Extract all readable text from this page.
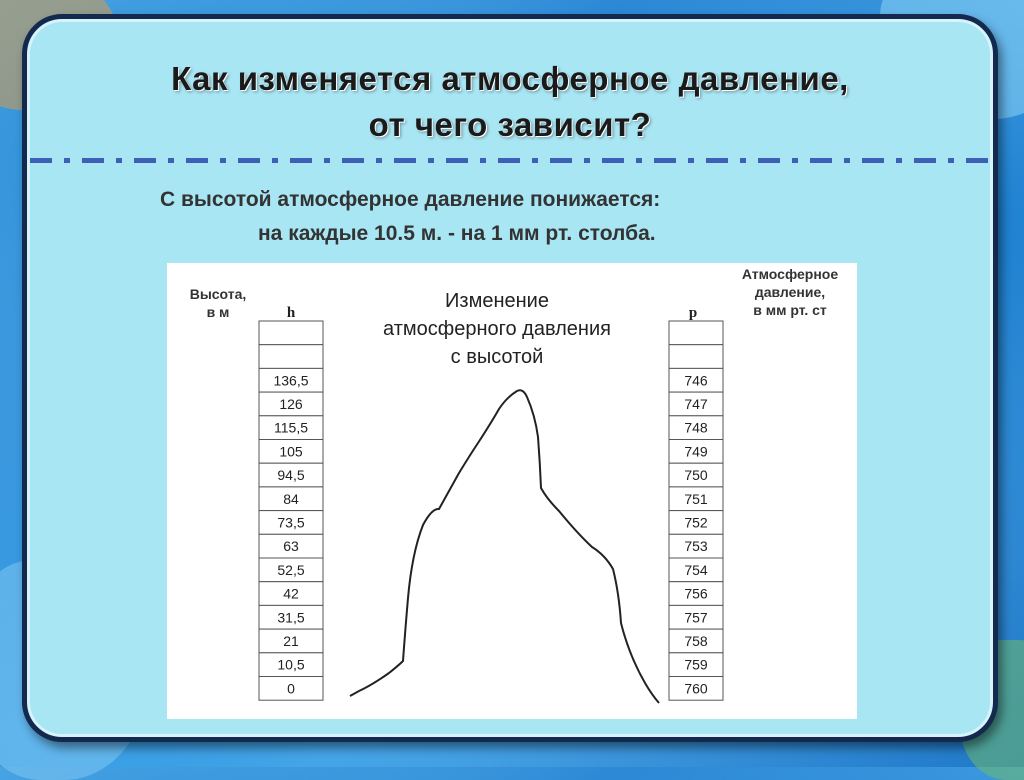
Как изменяется атмосферное давление,
от чего зависит?
С высотой атмосферное давление понижается:
на каждые 10.5 м. - на 1 мм рт. столба.
Высота,
в м
Атмосферное
давление,
в мм рт. ст
Изменение
атмосферного давления
с высотой
h	p
136,5
126
115,5
105
94,5
84
73,5
63
52,5
42
31,5
21
10,5
0
746
747
748
749
750
751
752
753
754
756
757
758
759
760
